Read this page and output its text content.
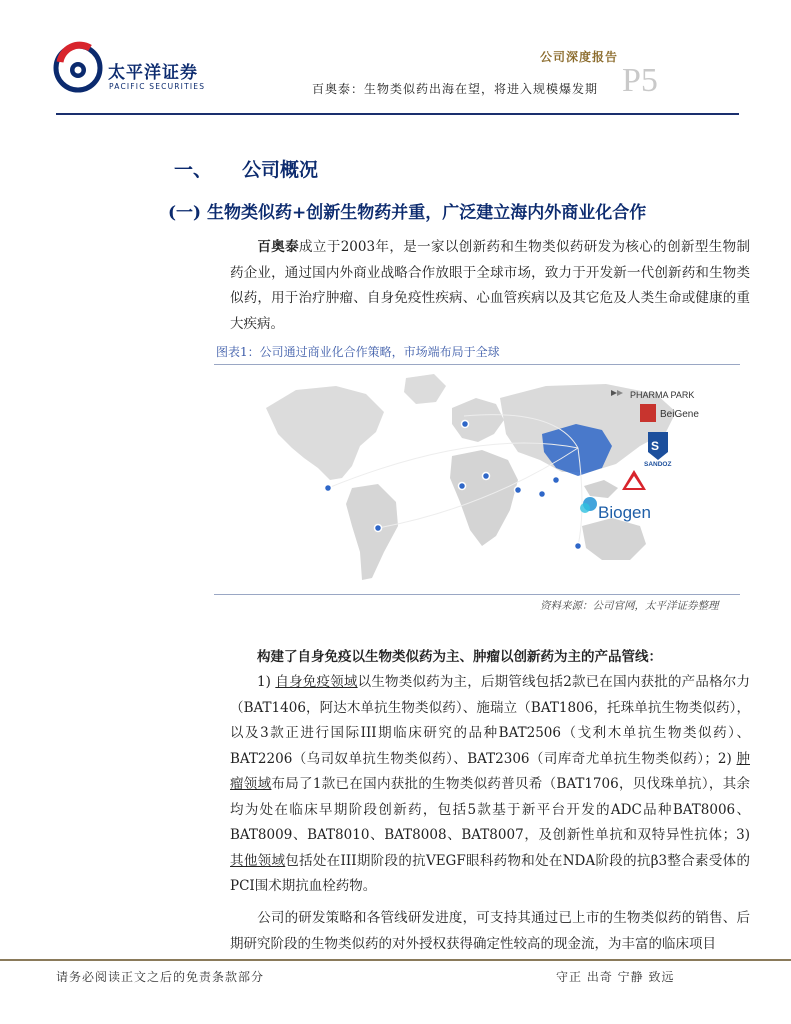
太平洋证券
PACIFIC SECURITIES
公司深度报告
百奥泰：生物类似药出海在望，将进入规模爆发期 P5
一、	公司概况
(一) 生物类似药+创新生物药并重，广泛建立海内外商业化合作
百奥泰成立于2003年，是一家以创新药和生物类似药研发为核心的创新型生物制药企业，通过国内外商业战略合作放眼于全球市场，致力于开发新一代创新药和生物类似药，用于治疗肿瘤、自身免疫性疾病、心血管疾病以及其它危及人类生命或健康的重大疾病。
图表1：公司通过商业化合作策略，市场端布局于全球
PHARMA PARK
BeiGene
S
SANDOZ
Biogen
资料来源：公司官网，太平洋证券整理
构建了自身免疫以生物类似药为主、肿瘤以创新药为主的产品管线：
1) 自身免疫领域以生物类似药为主，后期管线包括2款已在国内获批的产品格尔力（BAT1406，阿达木单抗生物类似药）、施瑞立（BAT1806，托珠单抗生物类似药），以及3款正进行国际III期临床研究的品种BAT2506（戈利木单抗生物类似药）、BAT2206（乌司奴单抗生物类似药）、BAT2306（司库奇尤单抗生物类似药）；2) 肿瘤领域布局了1款已在国内获批的生物类似药普贝希（BAT1706，贝伐珠单抗），其余均为处在临床早期阶段创新药，包括5款基于新平台开发的ADC品种BAT8006、BAT8009、BAT8010、BAT8008、BAT8007，及创新性单抗和双特异性抗体；3) 其他领域包括处在III期阶段的抗VEGF眼科药物和处在NDA阶段的抗β3整合素受体的PCI围术期抗血栓药物。
公司的研发策略和各管线研发进度，可支持其通过已上市的生物类似药的销售、后期研究阶段的生物类似药的对外授权获得确定性较高的现金流，为丰富的临床项目
请务必阅读正文之后的免责条款部分	守正 出奇 宁静 致远
